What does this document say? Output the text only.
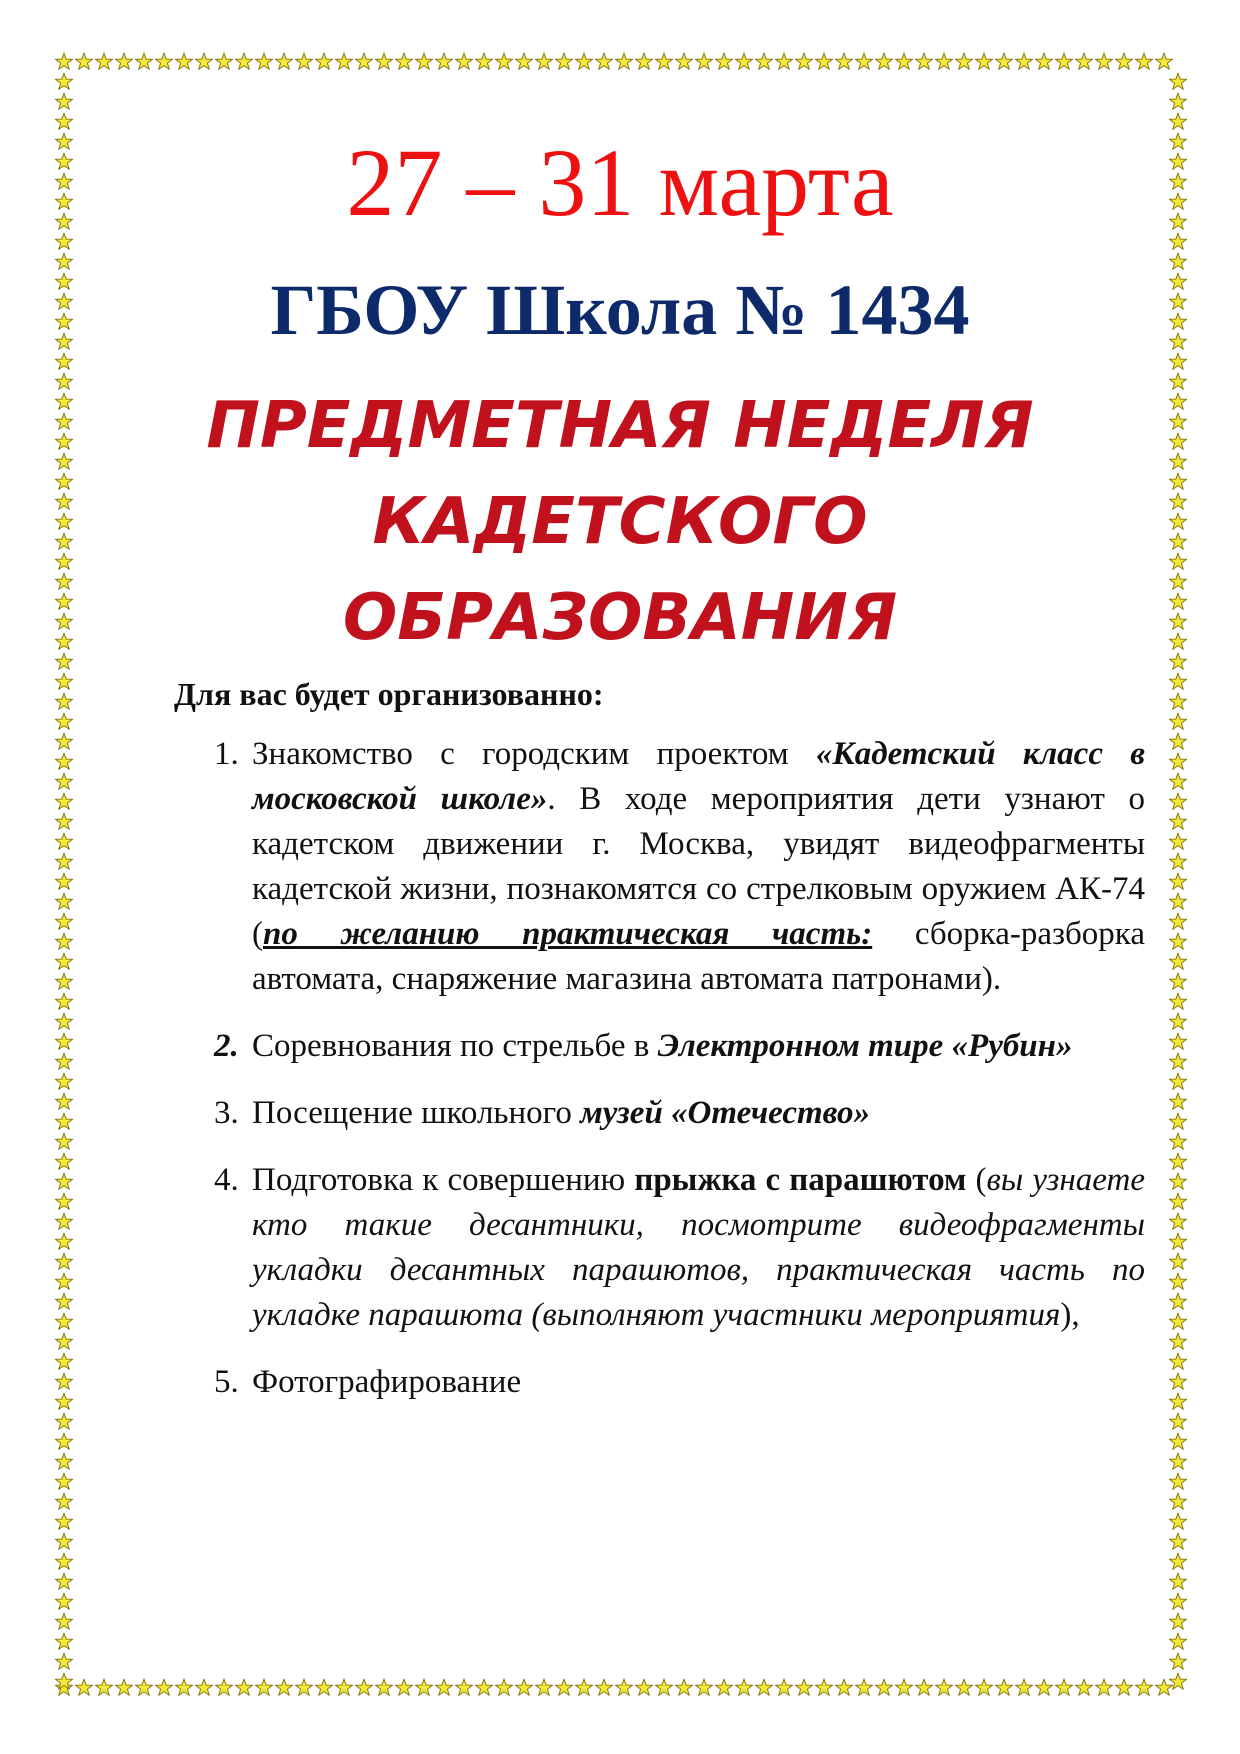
27 – 31 марта
ГБОУ Школа № 1434
ПРЕДМЕТНАЯ НЕДЕЛЯ
КАДЕТСКОГО
ОБРАЗОВАНИЯ

Для вас будет организованно:

1. Знакомство с городским проектом «Кадетский класс в московской школе». В ходе мероприятия дети узнают о кадетском движении г. Москва, увидят видеофрагменты кадетской жизни, познакомятся со стрелковым оружием АК-74 (по желанию практическая часть: сборка-разборка автомата, снаряжение магазина автомата патронами).
2. Соревнования по стрельбе в Электронном тире «Рубин»
3. Посещение школьного музей «Отечество»
4. Подготовка к совершению прыжка с парашютом (вы узнаете кто такие десантники, посмотрите видеофрагменты укладки десантных парашютов, практическая часть по укладке парашюта (выполняют участники мероприятия),
5. Фотографирование
